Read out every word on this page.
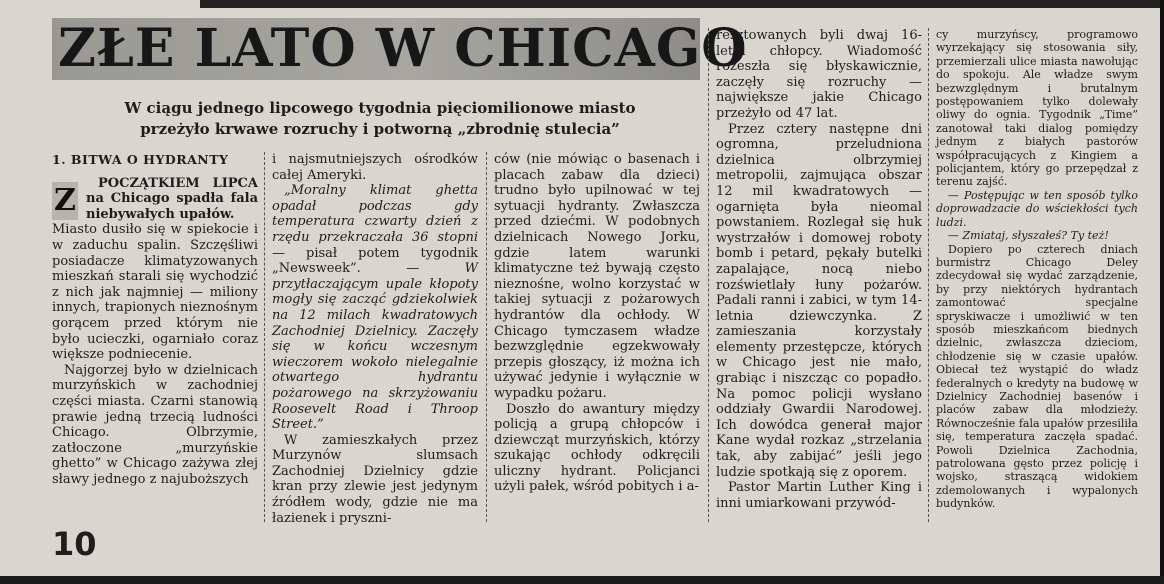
ZŁE LATO W CHICAGO
W ciągu jednego lipcowego tygodnia pięciomilionowe miasto
przeżyło krwawe rozruchy i potworną „zbrodnię stulecia”
1. BITWA O HYDRANTY
Z	POCZĄTKIEM LIPCA na Chicago spadła fala niebywałych upałów.

Miasto dusiło się w spiekocie i w zaduchu spalin. Szczęśliwi posiadacze klimatyzowanych mieszkań starali się wychodzić z nich jak najmniej — miliony innych, trapionych nieznośnym gorącem przed którym nie było ucieczki, ogarniało coraz większe podniecenie.

Najgorzej było w dzielnicach murzyńskich w zachodniej części miasta. Czarni stanowią prawie jedną trzecią ludności Chicago. Olbrzymie, zatłoczone „murzyńskie ghetto” w Chicago zażywa złej sławy jednego z najuboższych

i najsmutniejszych ośrodków całej Ameryki.

„Moralny klimat ghetta opadał podczas gdy temperatura czwarty dzień z rzędu przekraczała 36 stopni — pisał potem tygodnik „Newsweek”. — W przytłaczającym upale kłopoty mogły się zacząć gdziekolwiek na 12 milach kwadratowych Zachodniej Dzielnicy. Zaczęły się w końcu wczesnym wieczorem wokoło nielegalnie otwartego hydrantu pożarowego na skrzyżowaniu Roosevelt Road i Throop Street.”

W zamieszkałych przez Murzynów slumsach Zachodniej Dzielnicy gdzie kran przy zlewie jest jedynym źródłem wody, gdzie nie ma łazienek i pryszni-

ców (nie mówiąc o basenach i placach zabaw dla dzieci) trudno było upilnować w tej sytuacji hydranty. Zwłaszcza przed dziećmi. W podobnych dzielnicach Nowego Jorku, gdzie latem warunki klimatyczne też bywają często nieznośne, wolno korzystać w takiej sytuacji z pożarowych hydrantów dla ochłody. W Chicago tymczasem władze bezwzględnie egzekwowały przepis głoszący, iż można ich używać jedynie i wyłącznie w wypadku pożaru.

Doszło do awantury między policją a grupą chłopców i dziewcząt murzyńskich, którzy szukając ochłody odkręcili uliczny hydrant. Policjanci użyli pałek, wśród pobitych i a-

resztowanych byli dwaj 16-letni chłopcy. Wiadomość rozeszła się błyskawicznie, zaczęły się rozruchy — największe jakie Chicago przeżyło od 47 lat.

Przez cztery następne dni ogromna, przeludniona dzielnica olbrzymiej metropolii, zajmująca obszar 12 mil kwadratowych — ogarnięta była nieomal powstaniem. Rozlegał się huk wystrzałów i domowej roboty bomb i petard, pękały butelki zapalające, nocą niebo rozświetlały łuny pożarów. Padali ranni i zabici, w tym 14-letnia dziewczynka. Z zamieszania korzystały elementy przestępcze, których w Chicago jest nie mało, grabiąc i niszcząc co popadło. Na pomoc policji wysłano oddziały Gwardii Narodowej. Ich dowódca generał major Kane wydał rozkaz „strzelania tak, aby zabijać” jeśli jego ludzie spotkają się z oporem.

Pastor Martin Luther King i inni umiarkowani przywód-

cy murzyńscy, programowo wyrzekający się stosowania siły, przemierzali ulice miasta nawołując do spokoju. Ale władze swym bezwzględnym i brutalnym postępowaniem tylko dolewały oliwy do ognia. Tygodnik „Time” zanotował taki dialog pomiędzy jednym z białych pastorów współpracujących z Kingiem a policjantem, który go przepędzał z terenu zajść.

— Postępując w ten sposób tylko doprowadzacie do wściekłości tych ludzi.

— Zmiataj, słyszałeś? Ty też!

Dopiero po czterech dniach burmistrz Chicago Deley zdecydował się wydać zarządzenie, by przy niektórych hydrantach zamontować specjalne spryskiwacze i umożliwić w ten sposób mieszkańcom biednych dzielnic, zwłaszcza dzieciom, chłodzenie się w czasie upałów. Obiecał też wystąpić do władz federalnych o kredyty na budowę w Dzielnicy Zachodniej basenów i placów zabaw dla młodzieży. Równocześnie fala upałów przesiliła się, temperatura zaczęła spadać. Powoli Dzielnica Zachodnia, patrolowana gęsto przez policję i wojsko, straszącą widokiem zdemolowanych i wypalonych budynków.

10
